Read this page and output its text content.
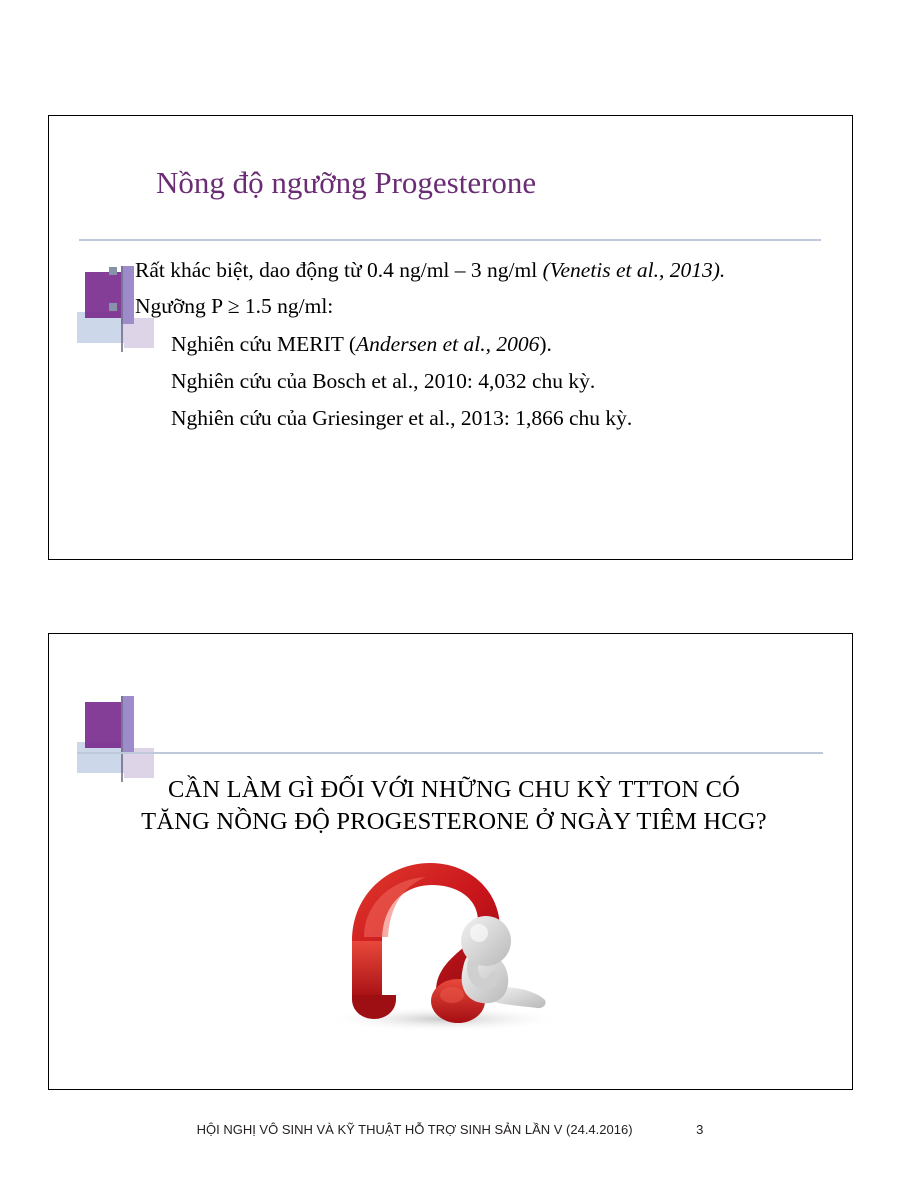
Nồng độ ngưỡng Progesterone
Rất khác biệt, dao động từ 0.4 ng/ml – 3 ng/ml (Venetis et al., 2013).
Ngưỡng P ≥ 1.5 ng/ml:
Nghiên cứu MERIT (Andersen et al., 2006).
Nghiên cứu của Bosch et al., 2010: 4,032 chu kỳ.
Nghiên cứu của Griesinger et al., 2013: 1,866 chu kỳ.
CẦN LÀM GÌ ĐỐI VỚI NHỮNG CHU KỲ TTTON CÓ
TĂNG NỒNG ĐỘ PROGESTERONE Ở NGÀY TIÊM HCG?
HỘI NGHỊ VÔ SINH VÀ KỸ THUẬT HỖ TRỢ SINH SẢN LẦN V (24.4.2016)	3
